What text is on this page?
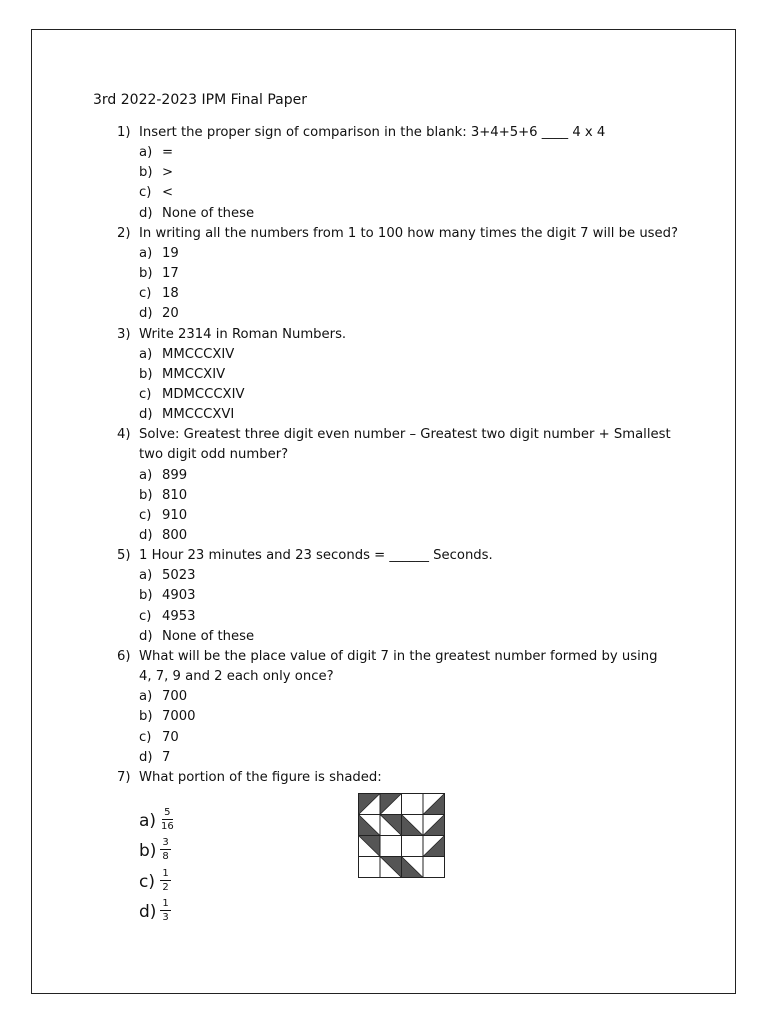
3rd 2022-2023 IPM Final Paper
1) Insert the proper sign of comparison in the blank: 3+4+5+6 ____ 4 x 4
a) =
b) >
c) <
d) None of these
2) In writing all the numbers from 1 to 100 how many times the digit 7 will be used?
a) 19
b) 17
c) 18
d) 20
3) Write 2314 in Roman Numbers.
a) MMCCCXIV
b) MMCCXIV
c) MDMCCCXIV
d) MMCCCXVI
4) Solve: Greatest three digit even number – Greatest two digit number + Smallest
two digit odd number?
a) 899
b) 810
c) 910
d) 800
5) 1 Hour 23 minutes and 23 seconds = ______ Seconds.
a) 5023
b) 4903
c) 4953
d) None of these
6) What will be the place value of digit 7 in the greatest number formed by using
4, 7, 9 and 2 each only once?
a) 700
b) 7000
c) 70
d) 7
7) What portion of the figure is shaded:
a) 5
16
b) 3
8
c) 1
2
d) 1
3
